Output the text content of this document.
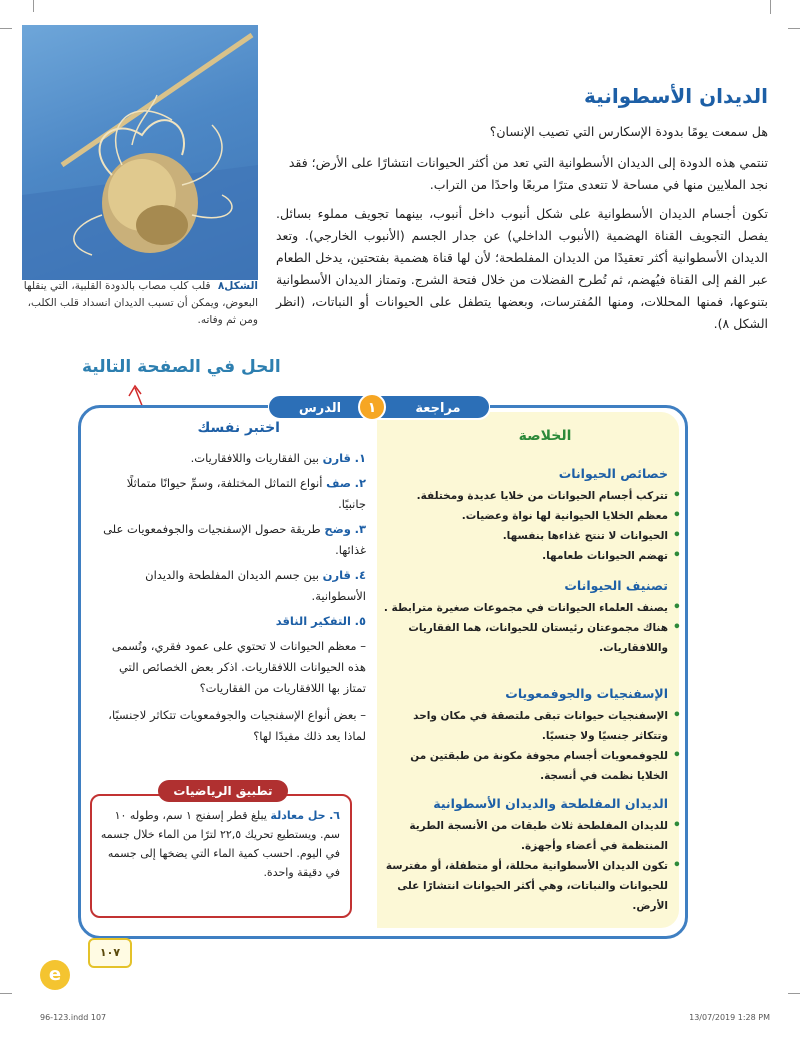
الشكل٨ قلب كلب مصاب بالدودة القلبية، التي ينقلها البعوض، ويمكن أن تسبب الديدان انسداد قلب الكلب، ومن ثم وفاته.
الديدان الأسطوانية
هل سمعت يومًا بدودة الإسكارس التي تصيب الإنسان؟
تنتمي هذه الدودة إلى الديدان الأسطوانية التي تعد من أكثر الحيوانات انتشارًا على الأرض؛ فقد نجد الملايين منها في مساحة لا تتعدى مترًا مربعًا واحدًا من التراب.
تكون أجسام الديدان الأسطوانية على شكل أنبوب داخل أنبوب، بينهما تجويف مملوء بسائل. يفصل التجويف القناة الهضمية (الأنبوب الداخلي) عن جدار الجسم (الأنبوب الخارجي). وتعد الديدان الأسطوانية أكثر تعقيدًا من الديدان المفلطحة؛ لأن لها قناة هضمية بفتحتين، يدخل الطعام عبر الفم إلى القناة فيُهضم، ثم تُطرح الفضلات من خلال فتحة الشرج. وتمتاز الديدان الأسطوانية بتنوعها، فمنها المحللات، ومنها المُفترسات، وبعضها يتطفل على الحيوانات أو النباتات، (انظر الشكل ٨).
الحل في الصفحة التالية
١	مراجعة
الدرس
الخلاصة
خصائص الحيوانات
• تتركب أجسام الحيوانات من خلايا عديدة ومختلفة.
• معظم الخلايا الحيوانية لها نواة وعضيات.
• الحيوانات لا تنتج غذاءها بنفسها.
• تهضم الحيوانات طعامها.
تصنيف الحيوانات
• يصنف العلماء الحيوانات في مجموعات صغيرة مترابطة .
• هناك مجموعتان رئيستان للحيوانات، هما الفقاريات واللافقاريات.
الإسفنجيات والجوفمعويات
• الإسفنجيات حيوانات تبقى ملتصقة في مكان واحد وتتكاثر جنسيًا ولا جنسيًا.
• للجوفمعويات أجسام مجوفة مكونة من طبقتين من الخلايا نظمت في أنسجة.
الديدان المفلطحة والديدان الأسطوانية
• للديدان المفلطحة ثلاث طبقات من الأنسجة الطرية المنتظمة في أعضاء وأجهزة.
• تكون الديدان الأسطوانية محللة، أو متطفلة، أو مفترسة للحيوانات والنباتات، وهي أكثر الحيوانات انتشارًا على الأرض.
اختبر نفسك
١. قارن بين الفقاريات واللافقاريات.
٢. صف أنواع التماثل المختلفة، وسمِّ حيوانًا متماثلًا جانبيًا.
٣. وضح طريقة حصول الإسفنجيات والجوفمعويات على غذائها.
٤. قارن بين جسم الديدان المفلطحة والديدان الأسطوانية.
٥. التفكير الناقد
– معظم الحيوانات لا تحتوي على عمود فقري، وتُسمى هذه الحيوانات اللافقاريات. اذكر بعض الخصائص التي تمتاز بها اللافقاريات من الفقاريات؟
– بعض أنواع الإسفنجيات والجوفمعويات تتكاثر لاجنسيًا، لماذا يعد ذلك مفيدًا لها؟
تطبيق الرياضيات
٦. حل معادلة يبلغ قطر إسفنج ١ سم، وطوله ١٠ سم. ويستطيع تحريك ٢٢,٥ لترًا من الماء خلال جسمه في اليوم. احسب كمية الماء التي يضخها إلى جسمه في دقيقة واحدة.
١٠٧
e
96-123.indd 107	13/07/2019 1:28 PM
